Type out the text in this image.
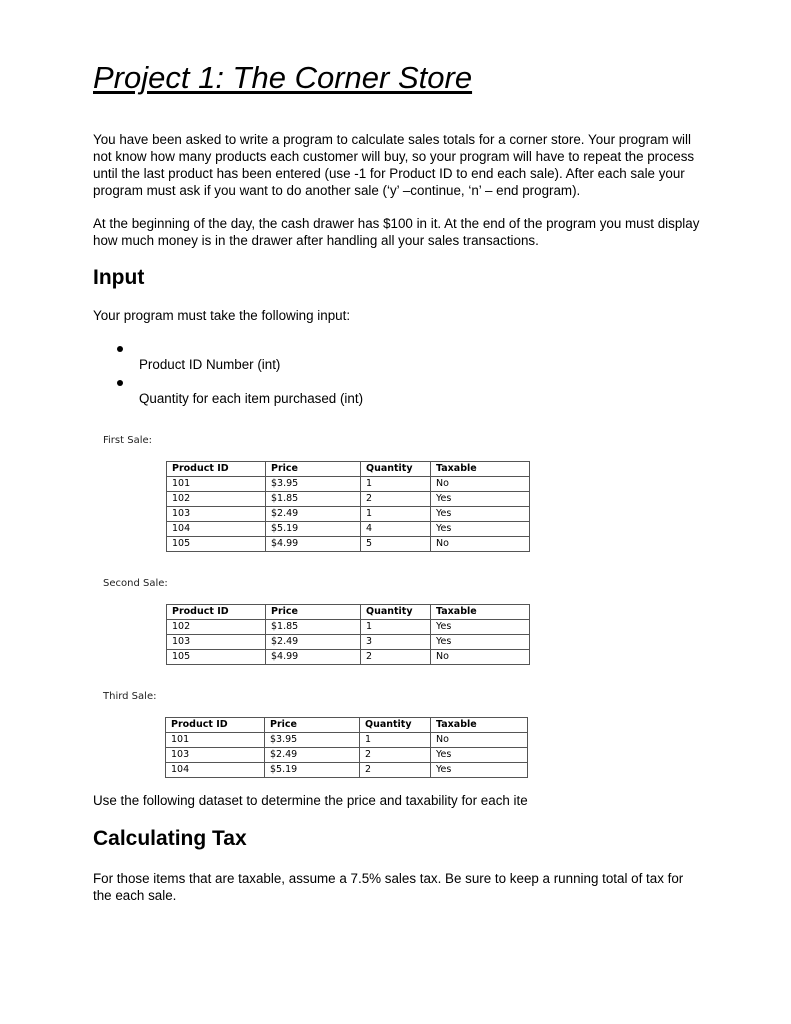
Project 1: The Corner Store

You have been asked to write a program to calculate sales totals for a corner store. Your program will not know how many products each customer will buy, so your program will have to repeat the process until the last product has been entered (use -1 for Product ID to end each sale). After each sale your program must ask if you want to do another sale (‘y’ –continue, ‘n’ – end program).

At the beginning of the day, the cash drawer has $100 in it. At the end of the program you must display how much money is in the drawer after handling all your sales transactions.

Input

Your program must take the following input:

Product ID Number (int)
Quantity for each item purchased (int)
First Sale:
Product ID	Price	Quantity	Taxable
101	$3.95	1	No
102	$1.85	2	Yes
103	$2.49	1	Yes
104	$5.19	4	Yes
105	$4.99	5	No
Second Sale:
Product ID	Price	Quantity	Taxable
102	$1.85	1	Yes
103	$2.49	3	Yes
105	$4.99	2	No
Third Sale:
Product ID	Price	Quantity	Taxable
101	$3.95	1	No
103	$2.49	2	Yes
104	$5.19	2	Yes

Use the following dataset to determine the price and taxability for each ite

Calculating Tax

For those items that are taxable, assume a 7.5% sales tax. Be sure to keep a running total of tax for the each sale.
